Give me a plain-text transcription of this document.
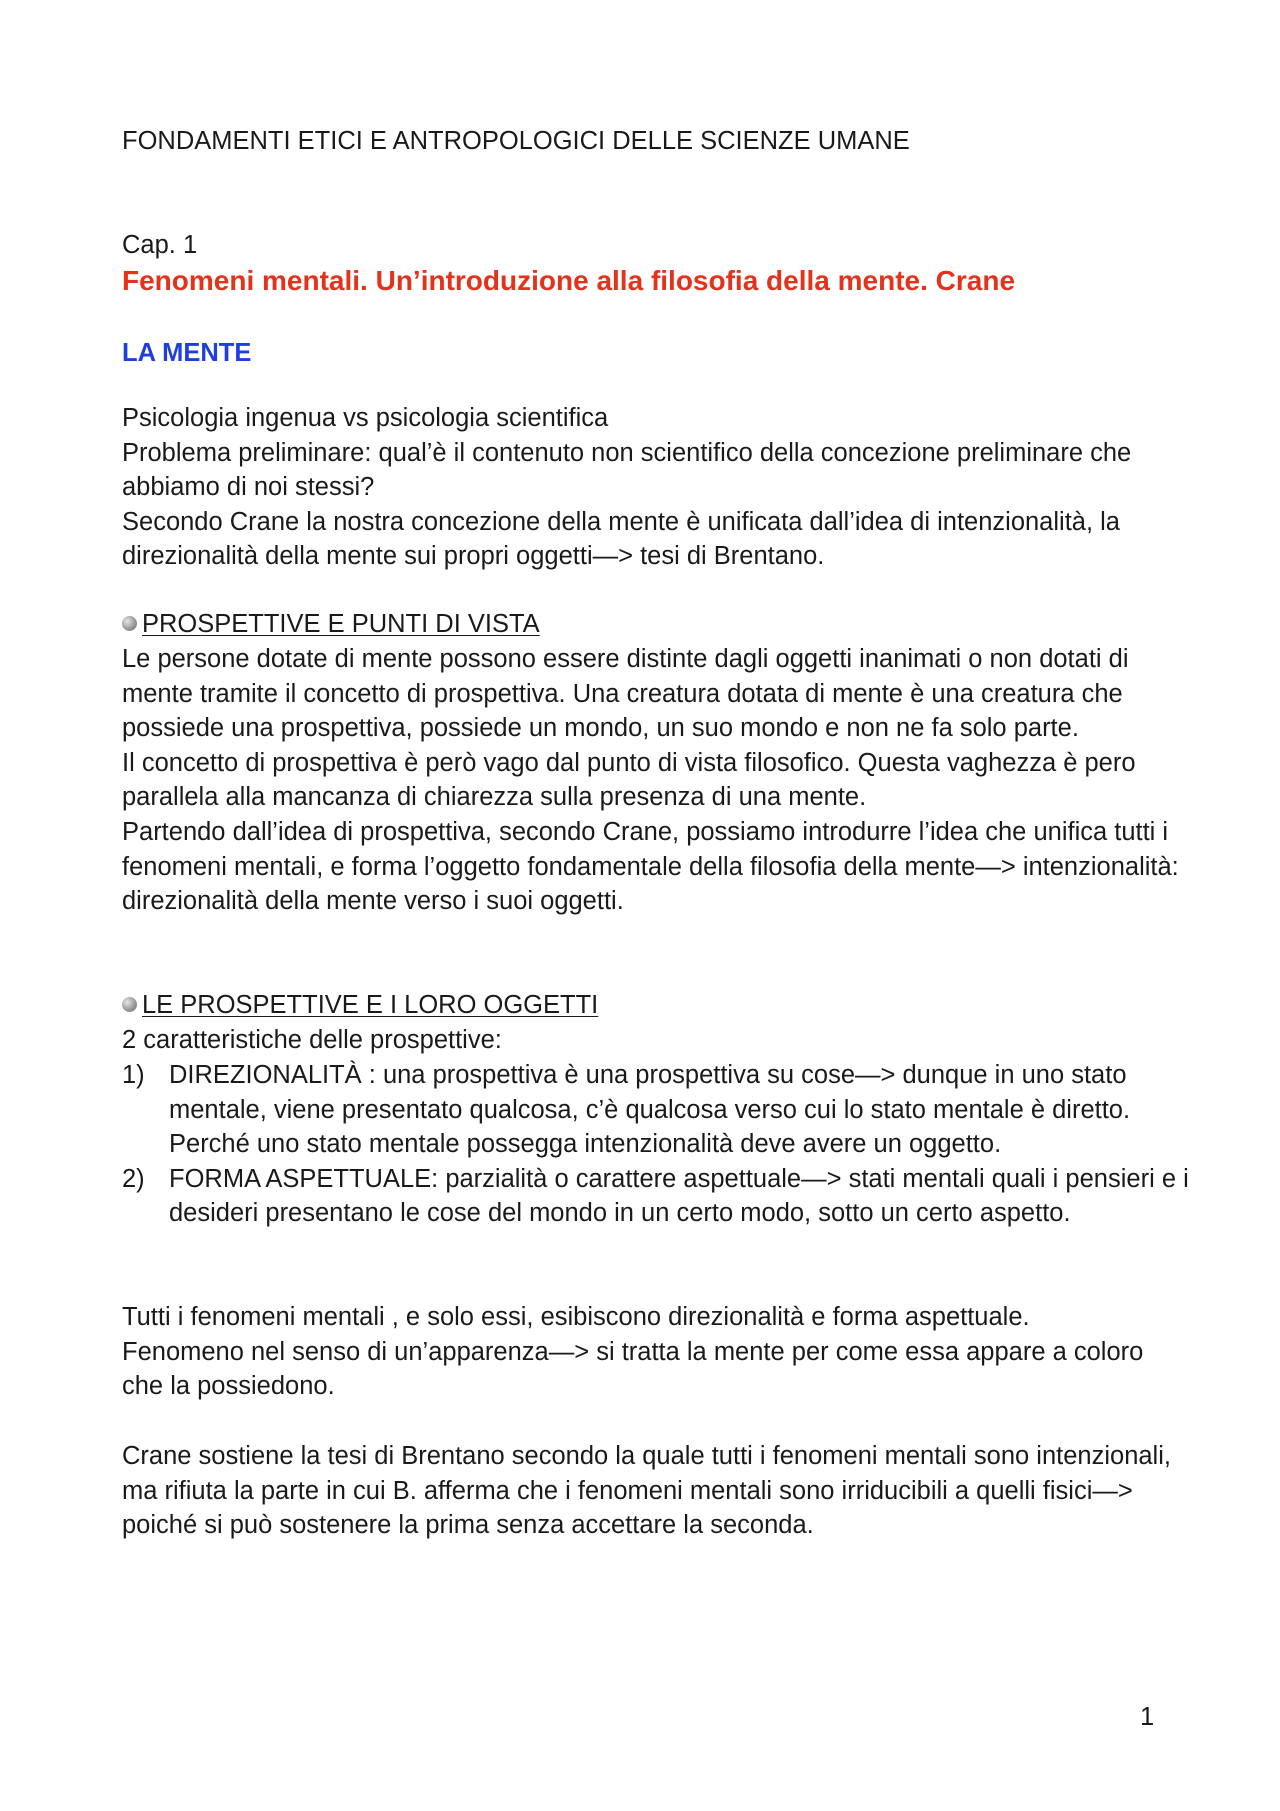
FONDAMENTI ETICI E ANTROPOLOGICI DELLE SCIENZE UMANE

Cap. 1

Fenomeni mentali. Un’introduzione alla filosofia della mente. Crane
LA MENTE

Psicologia ingenua vs psicologia scientifica
Problema preliminare: qual’è il contenuto non scientifico della concezione preliminare che abbiamo di noi stessi?
Secondo Crane la nostra concezione della mente è unificata dall’idea di intenzionalità, la direzionalità della mente sui propri oggetti—> tesi di Brentano.

PROSPETTIVE E PUNTI DI VISTA

Le persone dotate di mente possono essere distinte dagli oggetti inanimati o non dotati di mente tramite il concetto di prospettiva. Una creatura dotata di mente è una creatura che possiede una prospettiva, possiede un mondo, un suo mondo e non ne fa solo parte.
Il concetto di prospettiva è però vago dal punto di vista filosofico. Questa vaghezza è pero parallela alla mancanza di chiarezza sulla presenza di una mente.
Partendo dall’idea di prospettiva, secondo Crane, possiamo introdurre l’idea che unifica tutti i fenomeni mentali, e forma l’oggetto fondamentale della filosofia della mente—> intenzionalità: direzionalità della mente verso i suoi oggetti.

LE PROSPETTIVE E I LORO OGGETTI

2 caratteristiche delle prospettive:

1) DIREZIONALITÀ : una prospettiva è una prospettiva su cose—> dunque in uno stato mentale, viene presentato qualcosa, c’è qualcosa verso cui lo stato mentale è diretto. Perché uno stato mentale possegga intenzionalità deve avere un oggetto.
2) FORMA ASPETTUALE: parzialità o carattere aspettuale—> stati mentali quali i pensieri e i desideri presentano le cose del mondo in un certo modo, sotto un certo aspetto.

Tutti i fenomeni mentali , e solo essi, esibiscono direzionalità e forma aspettuale.
Fenomeno nel senso di un’apparenza—> si tratta la mente per come essa appare a coloro che la possiedono.

Crane sostiene la tesi di Brentano secondo la quale tutti i fenomeni mentali sono intenzionali, ma rifiuta la parte in cui B. afferma che i fenomeni mentali sono irriducibili a quelli fisici—> poiché si può sostenere la prima senza accettare la seconda.

1
